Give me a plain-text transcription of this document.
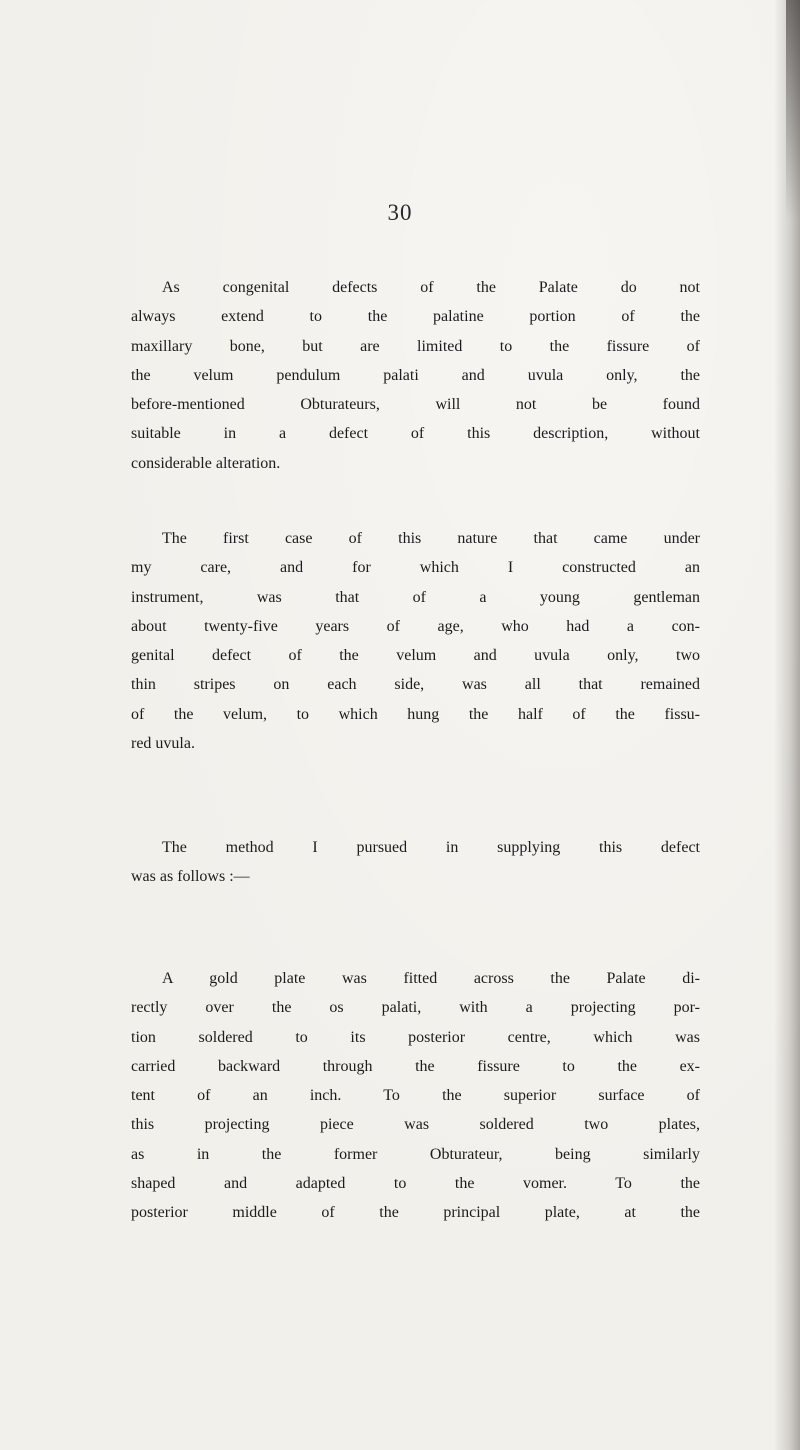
30
As congenital defects of the Palate do not
always extend to the palatine portion of the
maxillary bone, but are limited to the fissure of
the velum pendulum palati and uvula only, the
before-mentioned Obturateurs, will not be found
suitable in a defect of this description, without
considerable alteration.
The first case of this nature that came under
my care, and for which I constructed an
instrument, was that of a young gentleman
about twenty-five years of age, who had a con-
genital defect of the velum and uvula only, two
thin stripes on each side, was all that remained
of the velum, to which hung the half of the fissu-
red uvula.
The method I pursued in supplying this defect
was as follows :—
A gold plate was fitted across the Palate di-
rectly over the os palati, with a projecting por-
tion soldered to its posterior centre, which was
carried backward through the fissure to the ex-
tent of an inch. To the superior surface of
this projecting piece was soldered two plates,
as in the former Obturateur, being similarly
shaped and adapted to the vomer. To the
posterior middle of the principal plate, at the
